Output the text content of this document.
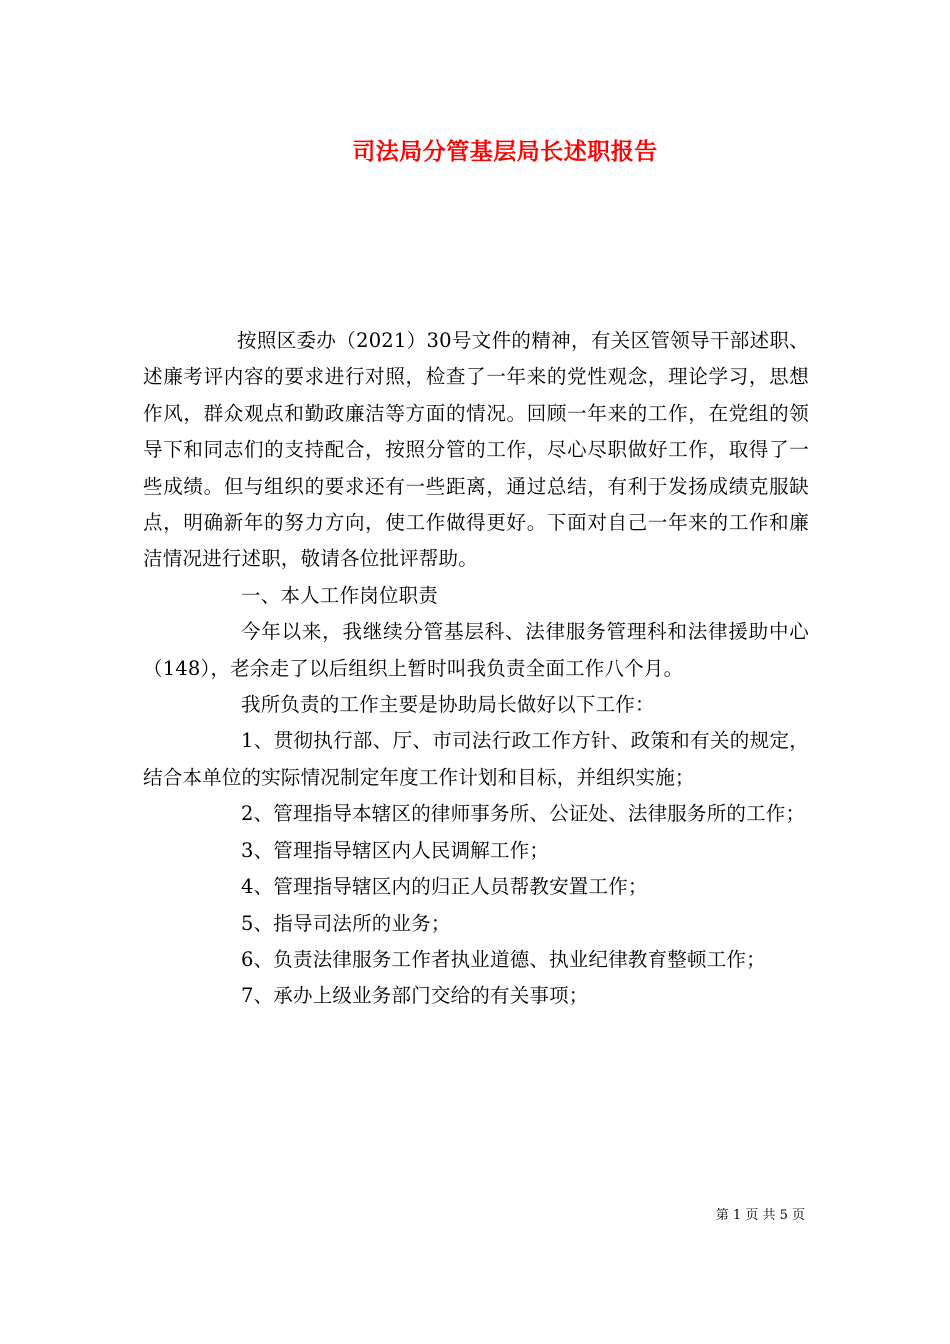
司法局分管基层局长述职报告

按照区委办（2021）30号文件的精神，有关区管领导干部述职、述廉考评内容的要求进行对照，检查了一年来的党性观念，理论学习，思想作风，群众观点和勤政廉洁等方面的情况。回顾一年来的工作，在党组的领导下和同志们的支持配合，按照分管的工作，尽心尽职做好工作，取得了一些成绩。但与组织的要求还有一些距离，通过总结，有利于发扬成绩克服缺点，明确新年的努力方向，使工作做得更好。下面对自己一年来的工作和廉洁情况进行述职，敬请各位批评帮助。

一、本人工作岗位职责

今年以来，我继续分管基层科、法律服务管理科和法律援助中心（148），老余走了以后组织上暂时叫我负责全面工作八个月。

我所负责的工作主要是协助局长做好以下工作：

1、贯彻执行部、厅、市司法行政工作方针、政策和有关的规定，结合本单位的实际情况制定年度工作计划和目标，并组织实施；

2、管理指导本辖区的律师事务所、公证处、法律服务所的工作；

3、管理指导辖区内人民调解工作；

4、管理指导辖区内的归正人员帮教安置工作；

5、指导司法所的业务；

6、负责法律服务工作者执业道德、执业纪律教育整顿工作；

7、承办上级业务部门交给的有关事项；

第 1 页 共 5 页
